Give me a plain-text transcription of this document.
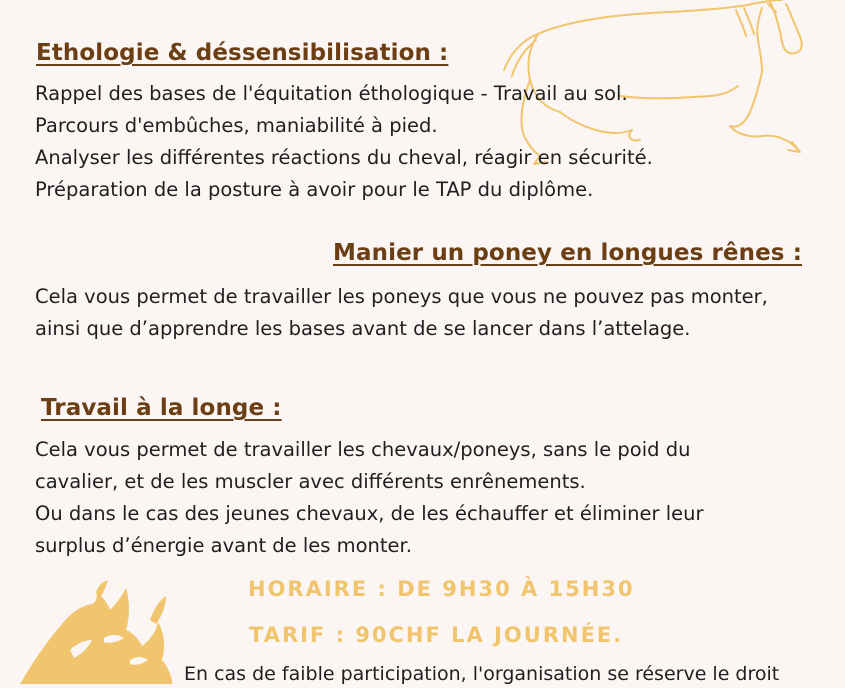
Ethologie & déssensibilisation :
Rappel des bases de l'équitation éthologique - Travail au sol.
Parcours d'embûches, maniabilité à pied.
Analyser les différentes réactions du cheval, réagir en sécurité.
Préparation de la posture à avoir pour le TAP du diplôme.
Manier un poney en longues rênes :
Cela vous permet de travailler les poneys que vous ne pouvez pas monter,
ainsi que d’apprendre les bases avant de se lancer dans l’attelage.
Travail à la longe :
Cela vous permet de travailler les chevaux/poneys, sans le poid du
cavalier, et de les muscler avec différents enrênements.
Ou dans le cas des jeunes chevaux, de les échauffer et éliminer leur
surplus d’énergie avant de les monter.
HORAIRE : DE 9H30 À 15H30
TARIF : 90CHF LA JOURNÉE.
En cas de faible participation, l'organisation se réserve le droit
